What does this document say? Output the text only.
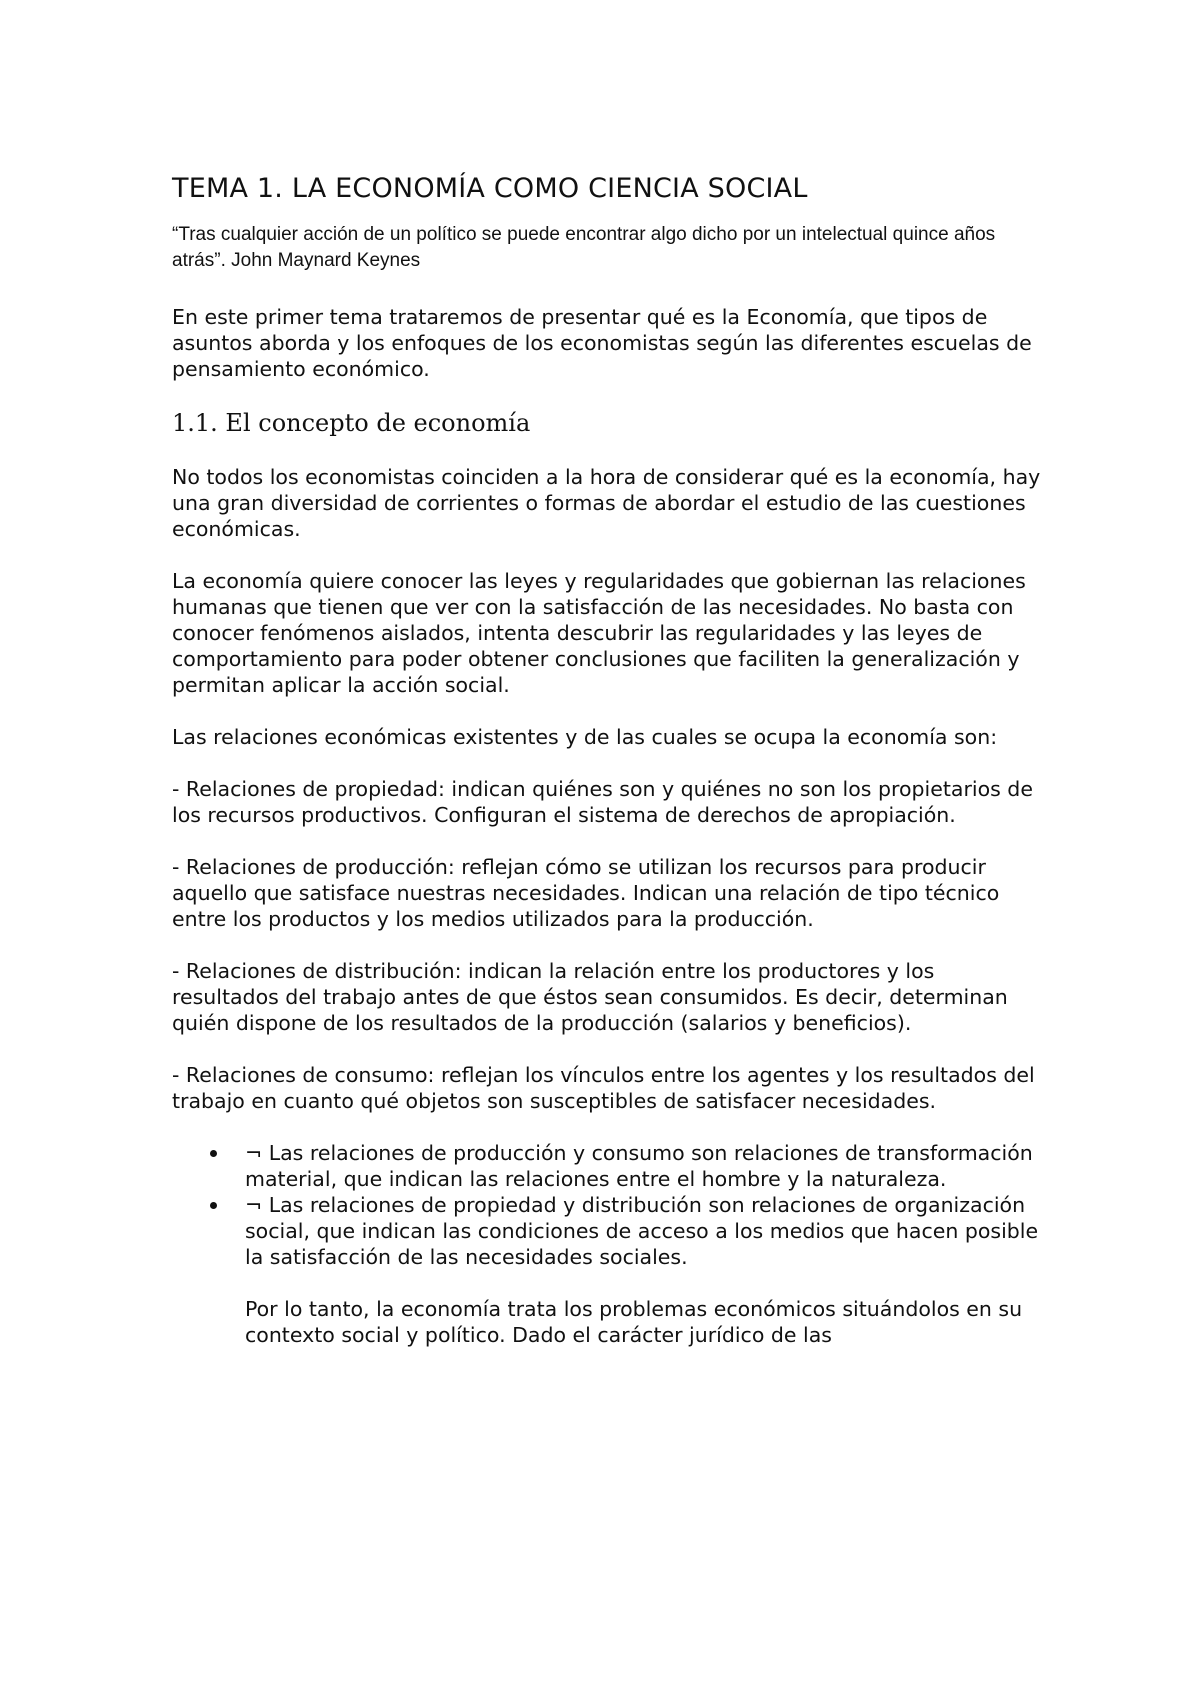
TEMA 1. LA ECONOMÍA COMO CIENCIA SOCIAL

“Tras cualquier acción de un político se puede encontrar algo dicho por un intelectual quince años atrás”. John Maynard Keynes

En este primer tema trataremos de presentar qué es la Economía, que tipos de asuntos aborda y los enfoques de los economistas según las diferentes escuelas de pensamiento económico.

1.1. El concepto de economía

No todos los economistas coinciden a la hora de considerar qué es la economía, hay una gran diversidad de corrientes o formas de abordar el estudio de las cuestiones económicas.

La economía quiere conocer las leyes y regularidades que gobiernan las relaciones humanas que tienen que ver con la satisfacción de las necesidades. No basta con conocer fenómenos aislados, intenta descubrir las regularidades y las leyes de comportamiento para poder obtener conclusiones que faciliten la generalización y permitan aplicar la acción social.

Las relaciones económicas existentes y de las cuales se ocupa la economía son:

- Relaciones de propiedad: indican quiénes son y quiénes no son los propietarios de los recursos productivos. Configuran el sistema de derechos de apropiación.

- Relaciones de producción: reflejan cómo se utilizan los recursos para producir aquello que satisface nuestras necesidades. Indican una relación de tipo técnico entre los productos y los medios utilizados para la producción.

- Relaciones de distribución: indican la relación entre los productores y los resultados del trabajo antes de que éstos sean consumidos. Es decir, determinan quién dispone de los resultados de la producción (salarios y beneficios).

- Relaciones de consumo: reflejan los vínculos entre los agentes y los resultados del trabajo en cuanto qué objetos son susceptibles de satisfacer necesidades.

¬ Las relaciones de producción y consumo son relaciones de transformación material, que indican las relaciones entre el hombre y la naturaleza.
¬ Las relaciones de propiedad y distribución son relaciones de organización social, que indican las condiciones de acceso a los medios que hacen posible la satisfacción de las necesidades sociales.

Por lo tanto, la economía trata los problemas económicos situándolos en su contexto social y político. Dado el carácter jurídico de las
